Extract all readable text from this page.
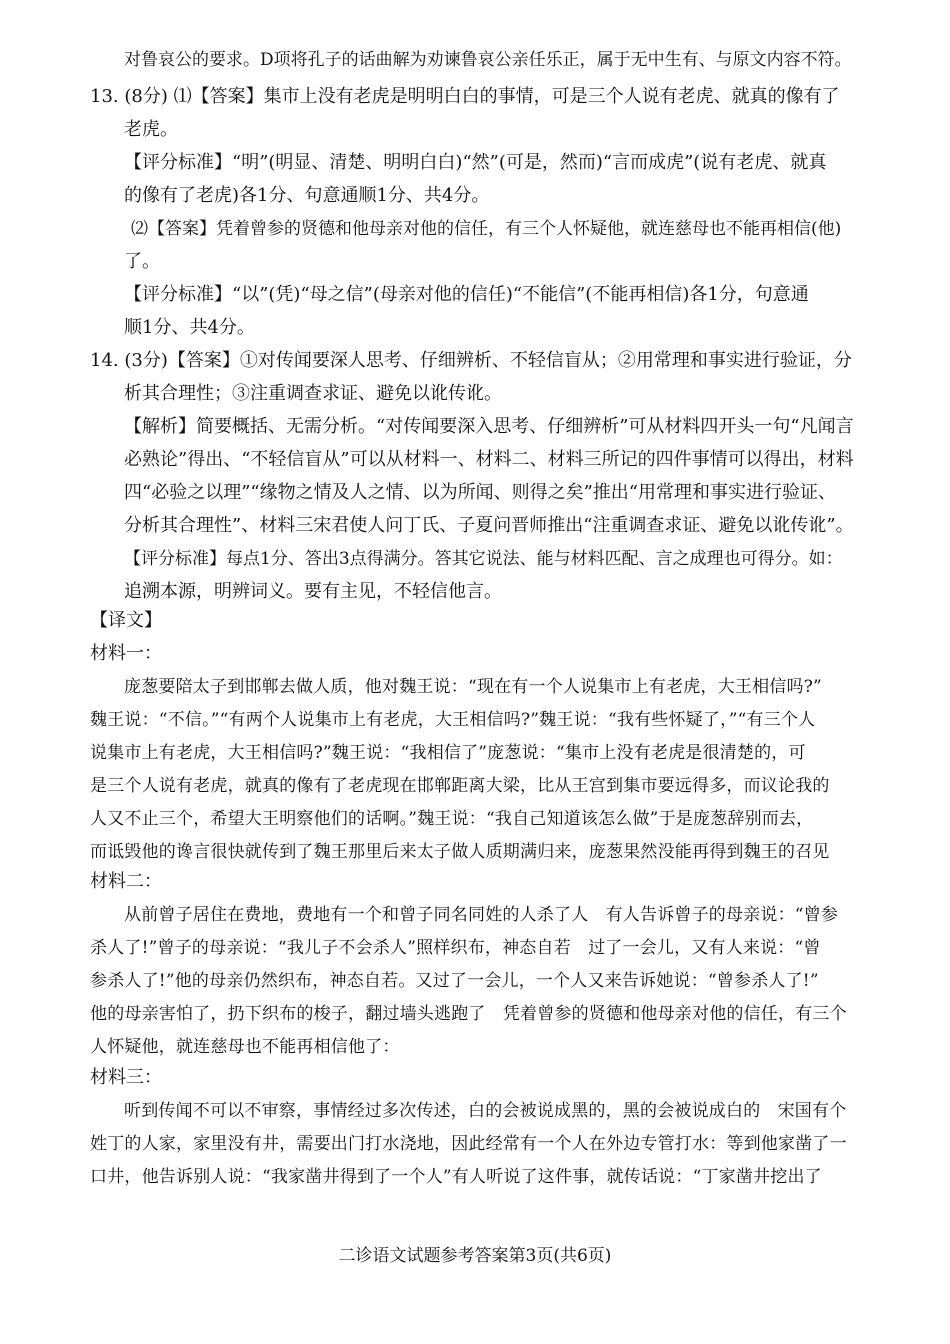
对鲁哀公的要求。D项将孔子的话曲解为劝谏鲁哀公亲任乐正，属于无中生有、与原文内容不符。
13. (8分) ⑴【答案】集市上没有老虎是明明白白的事情，可是三个人说有老虎、就真的像有了
老虎。
【评分标准】“明”(明显、清楚、明明白白)“然”(可是，然而)“言而成虎”(说有老虎、就真
的像有了老虎)各1分、句意通顺1分、共4分。
⑵【答案】凭着曾参的贤德和他母亲对他的信任，有三个人怀疑他，就连慈母也不能再相信(他)
了。
【评分标准】“以”(凭)“母之信”(母亲对他的信任)“不能信”(不能再相信)各1分，句意通
顺1分、共4分。
14. (3分)【答案】①对传闻要深人思考、仔细辨析、不轻信盲从；②用常理和事实进行验证，分
析其合理性；③注重调查求证、避免以讹传讹。
【解析】简要概括、无需分析。“对传闻要深入思考、仔细辨析”可从材料四开头一句“凡闻言
必熟论”得出、“不轻信盲从”可以从材料一、材料二、材料三所记的四件事情可以得出，材料
四“必验之以理”“缘物之情及人之情、以为所闻、则得之矣”推出“用常理和事实进行验证、
分析其合理性”、材料三宋君使人问丁氏、子夏问晋师推出“注重调查求证、避免以讹传讹”。
【评分标准】每点1分、答出3点得满分。答其它说法、能与材料匹配、言之成理也可得分。如：
追溯本源，明辨词义。要有主见，不轻信他言。
【译文】
材料一：
庞葱要陪太子到邯郸去做人质，他对魏王说：“现在有一个人说集市上有老虎，大王相信吗?”
魏王说：“不信。”“有两个人说集市上有老虎，大王相信吗?”魏王说：“我有些怀疑了，”“有三个人
说集市上有老虎，大王相信吗?”魏王说：“我相信了”庞葱说：“集市上没有老虎是很清楚的，可
是三个人说有老虎，就真的像有了老虎现在邯郸距离大梁，比从王宫到集市要远得多，而议论我的
人又不止三个，希望大王明察他们的话啊。”魏王说：“我自己知道该怎么做”于是庞葱辞别而去，
而诋毁他的谗言很快就传到了魏王那里后来太子做人质期满归来，庞葱果然没能再得到魏王的召见
材料二：
从前曾子居住在费地，费地有一个和曾子同名同姓的人杀了人　有人告诉曾子的母亲说：“曾参
杀人了!”曾子的母亲说：“我儿子不会杀人”照样织布，神态自若　过了一会儿，又有人来说：“曾
参杀人了!”他的母亲仍然织布，神态自若。又过了一会儿，一个人又来告诉她说：“曾参杀人了!”
他的母亲害怕了，扔下织布的梭子，翻过墙头逃跑了　凭着曾参的贤德和他母亲对他的信任，有三个
人怀疑他，就连慈母也不能再相信他了：
材料三：
听到传闻不可以不审察，事情经过多次传述，白的会被说成黑的，黑的会被说成白的　宋国有个
姓丁的人家，家里没有井，需要出门打水浇地，因此经常有一个人在外边专管打水：等到他家凿了一
口井，他告诉别人说：“我家凿井得到了一个人”有人听说了这件事，就传话说：“丁家凿井挖出了
二诊语文试题参考答案第3页(共6页)
